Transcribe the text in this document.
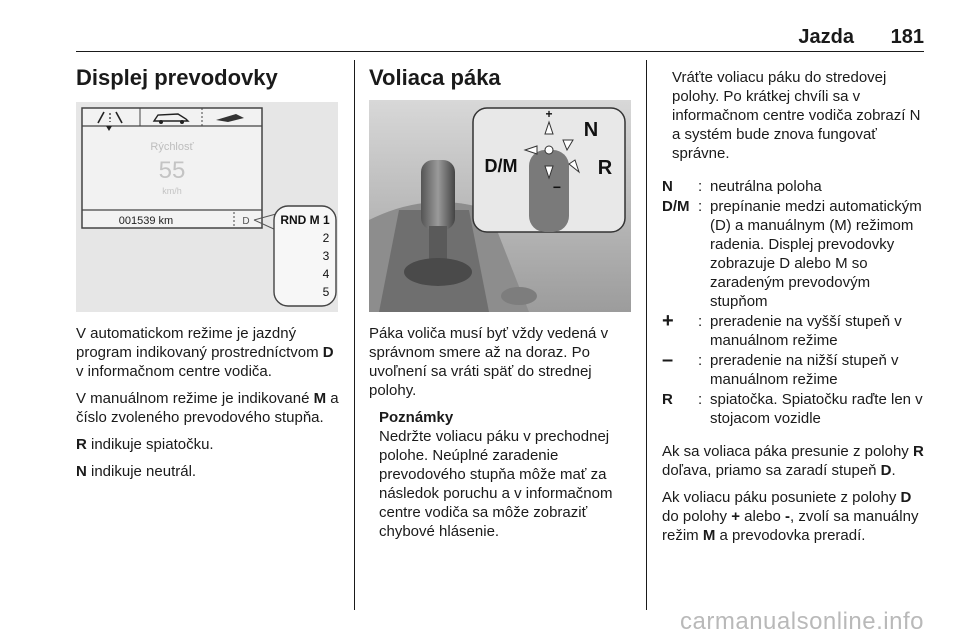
Jazda 181
Displej prevodovky
Rýchlosť
55
km/h
001539 km	D	RND M 1
2
3
4
5

V automatickom režime je jazdný program indikovaný prostredníctvom D v informačnom centre vodiča.

V manuálnom režime je indikované M a číslo zvoleného prevodového stupňa.

R indikuje spiatočku.

N indikuje neutrál.

Voliaca páka
+
−
D/M
N
R

Páka voliča musí byť vždy vedená v správnom smere až na doraz. Po uvoľnení sa vráti späť do strednej polohy.

Poznámky
Nedržte voliacu páku v prechodnej polohe. Neúplné zaradenie prevodového stupňa môže mať za následok poruchu a v informačnom centre vodiča sa môže zobraziť chybové hlásenie.

Vráťte voliacu páku do stredovej polohy. Po krátkej chvíli sa v informačnom centre vodiča zobrazí N a systém bude znova fungovať správne.

N	: neutrálna poloha
D/M : prepínanie medzi automatickým (D) a manuálnym (M) režimom radenia. Displej prevodovky zobrazuje D alebo M so zaradeným prevodovým stupňom
+	: preradenie na vyšší stupeň v manuálnom režime
–	: preradenie na nižší stupeň v manuálnom režime
R	: spiatočka. Spiatočku raďte len v stojacom vozidle

Ak sa voliaca páka presunie z polohy R doľava, priamo sa zaradí stupeň D.

Ak voliacu páku posuniete z polohy D do polohy + alebo -, zvolí sa manuálny režim M a prevodovka preradí.

carmanualsonline.info
